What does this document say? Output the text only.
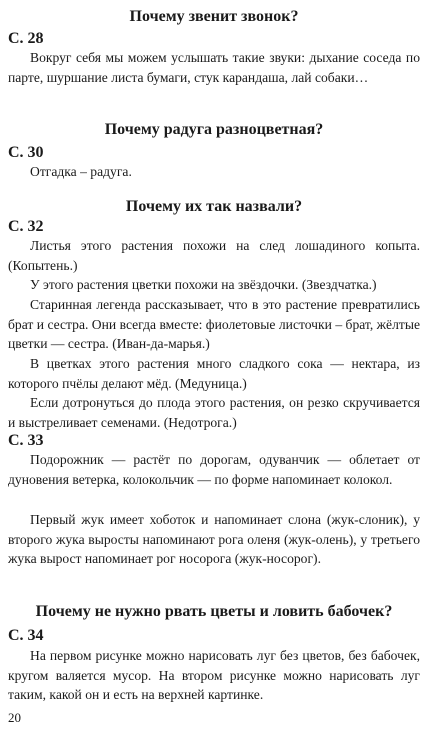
Почему звенит звонок?
С. 28
Вокруг себя мы можем услышать такие звуки: дыхание соседа по парте, шуршание листа бумаги, стук карандаша, лай собаки…
Почему радуга разноцветная?
С. 30
Отгадка – радуга.
Почему их так назвали?
С. 32
Листья этого растения похожи на след лошадиного копыта. (Копытень.)
У этого растения цветки похожи на звёздочки. (Звездчатка.)
Старинная легенда рассказывает, что в это растение превратились брат и сестра. Они всегда вместе: фиолетовые листочки – брат, жёлтые цветки — сестра. (Иван-да-марья.)
В цветках этого растения много сладкого сока — нектара, из которого пчёлы делают мёд. (Медуница.)
Если дотронуться до плода этого растения, он резко скручивается и выстреливает семенами. (Недотрога.)
С. 33
Подорожник — растёт по дорогам, одуванчик — облетает от дуновения ветерка, колокольчик — по форме напоминает колокол.
Первый жук имеет хоботок и напоминает слона (жук-слоник), у второго жука выросты напоминают рога оленя (жук-олень), у третьего жука вырост напоминает рог носорога (жук-носорог).
Почему не нужно рвать цветы и ловить бабочек?
С. 34
На первом рисунке можно нарисовать луг без цветов, без бабочек, кругом валяется мусор. На втором рисунке можно нарисовать луг таким, какой он и есть на верхней картинке.
20
